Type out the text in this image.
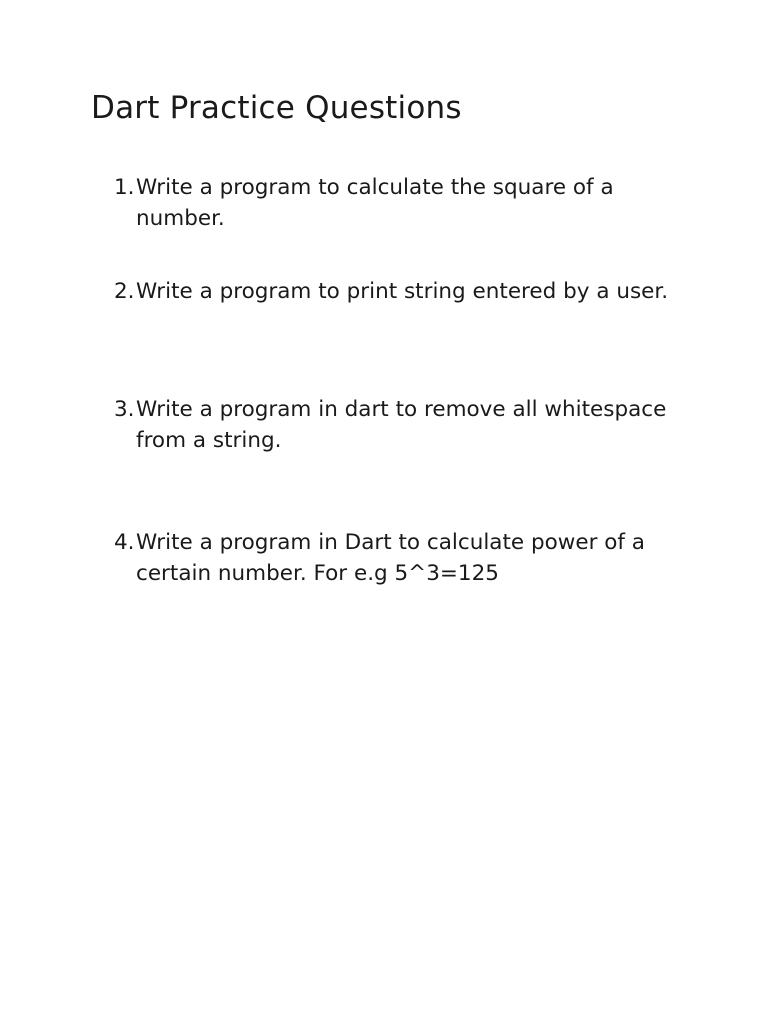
Dart Practice Questions
1. Write a program to calculate the square of a number.
2. Write a program to print string entered by a user.
3. Write a program in dart to remove all whitespace from a string.
4. Write a program in Dart to calculate power of a certain number. For e.g 5^3=125
